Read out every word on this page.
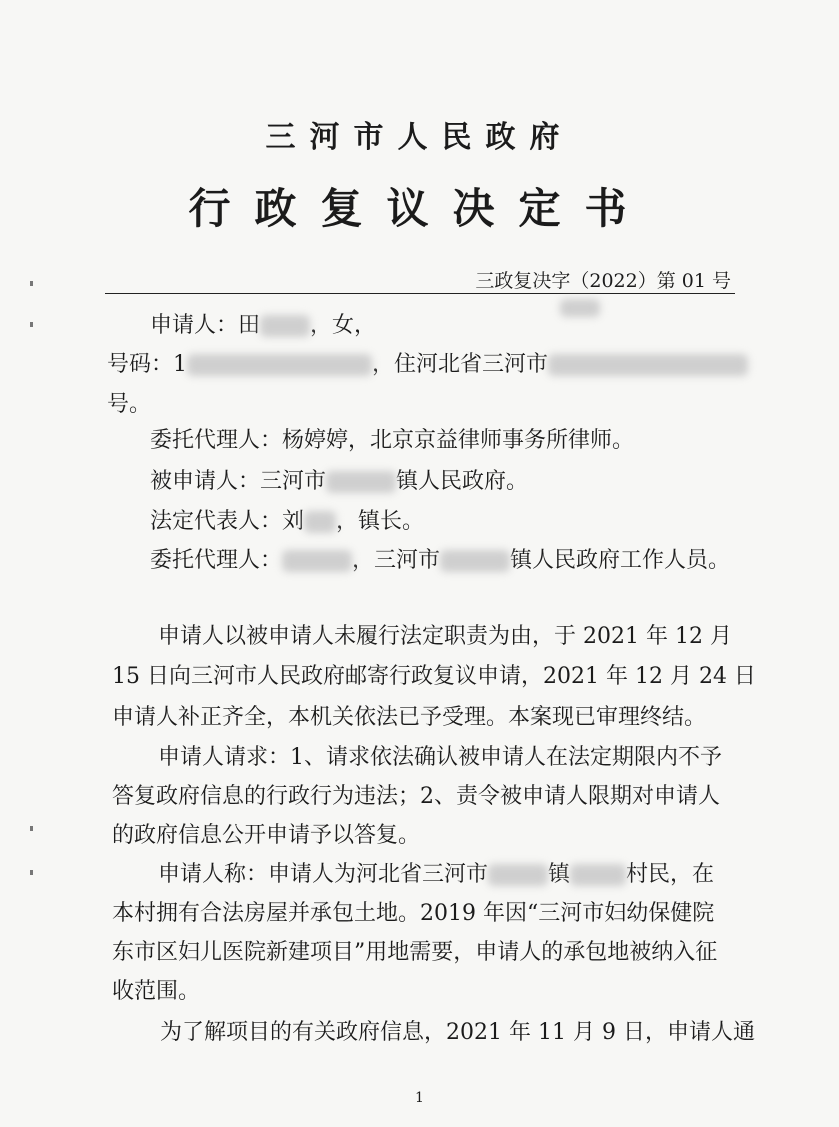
三河市人民政府
行政复议决定书
三政复决字（2022）第 01 号
申请人：田 ，女，
号码：1	，住河北省三河市
号。
委托代理人：杨婷婷，北京京益律师事务所律师。
被申请人：三河市	镇人民政府。
法定代表人：刘 ，镇长。
委托代理人：	，三河市	镇人民政府工作人员。
申请人以被申请人未履行法定职责为由，于 2021 年 12 月
15 日向三河市人民政府邮寄行政复议申请，2021 年 12 月 24 日
申请人补正齐全，本机关依法已予受理。本案现已审理终结。
申请人请求：1、请求依法确认被申请人在法定期限内不予
答复政府信息的行政行为违法；2、责令被申请人限期对申请人
的政府信息公开申请予以答复。
申请人称：申请人为河北省三河市	镇	村民，在
本村拥有合法房屋并承包土地。2019 年因“三河市妇幼保健院
东市区妇儿医院新建项目”用地需要，申请人的承包地被纳入征
收范围。
为了解项目的有关政府信息，2021 年 11 月 9 日，申请人通
1
